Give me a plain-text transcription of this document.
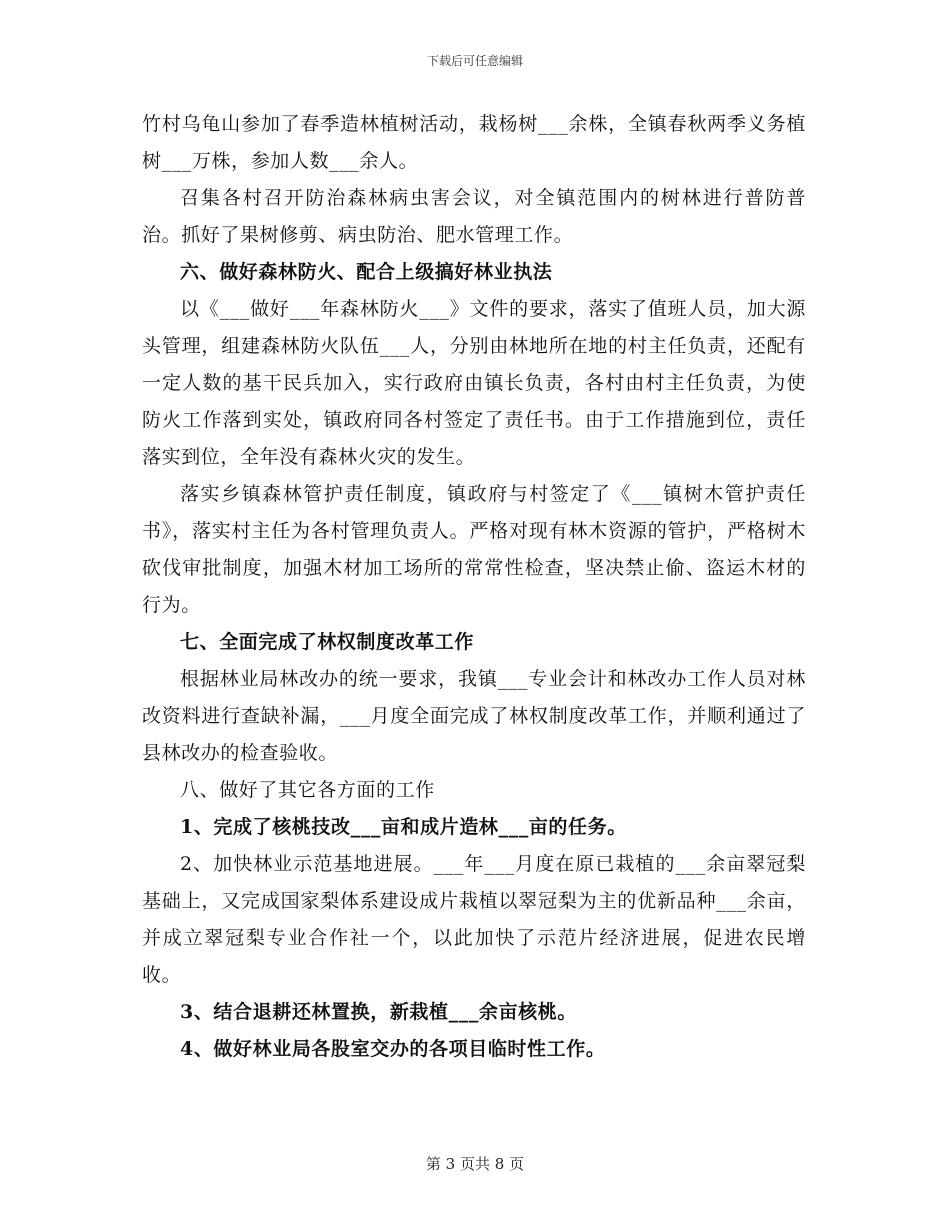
下载后可任意编辑

竹村乌龟山参加了春季造林植树活动，栽杨树___余株，全镇春秋两季义务植树___万株，参加人数___余人。

召集各村召开防治森林病虫害会议，对全镇范围内的树林进行普防普治。抓好了果树修剪、病虫防治、肥水管理工作。

六、做好森林防火、配合上级搞好林业执法

以《___做好___年森林防火___》文件的要求，落实了值班人员，加大源头管理，组建森林防火队伍___人，分别由林地所在地的村主任负责，还配有一定人数的基干民兵加入，实行政府由镇长负责，各村由村主任负责，为使防火工作落到实处，镇政府同各村签定了责任书。由于工作措施到位，责任落实到位，全年没有森林火灾的发生。

落实乡镇森林管护责任制度，镇政府与村签定了《___镇树木管护责任书》，落实村主任为各村管理负责人。严格对现有林木资源的管护，严格树木砍伐审批制度，加强木材加工场所的常常性检查，坚决禁止偷、盗运木材的行为。

七、全面完成了林权制度改革工作

根据林业局林改办的统一要求，我镇___专业会计和林改办工作人员对林改资料进行查缺补漏，___月度全面完成了林权制度改革工作，并顺利通过了县林改办的检查验收。

八、做好了其它各方面的工作

1、完成了核桃技改___亩和成片造林___亩的任务。

2、加快林业示范基地进展。___年___月度在原已栽植的___余亩翠冠梨基础上，又完成国家梨体系建设成片栽植以翠冠梨为主的优新品种___余亩，并成立翠冠梨专业合作社一个，以此加快了示范片经济进展，促进农民增收。

3、结合退耕还林置换，新栽植___余亩核桃。

4、做好林业局各股室交办的各项目临时性工作。

第 3 页共 8 页
